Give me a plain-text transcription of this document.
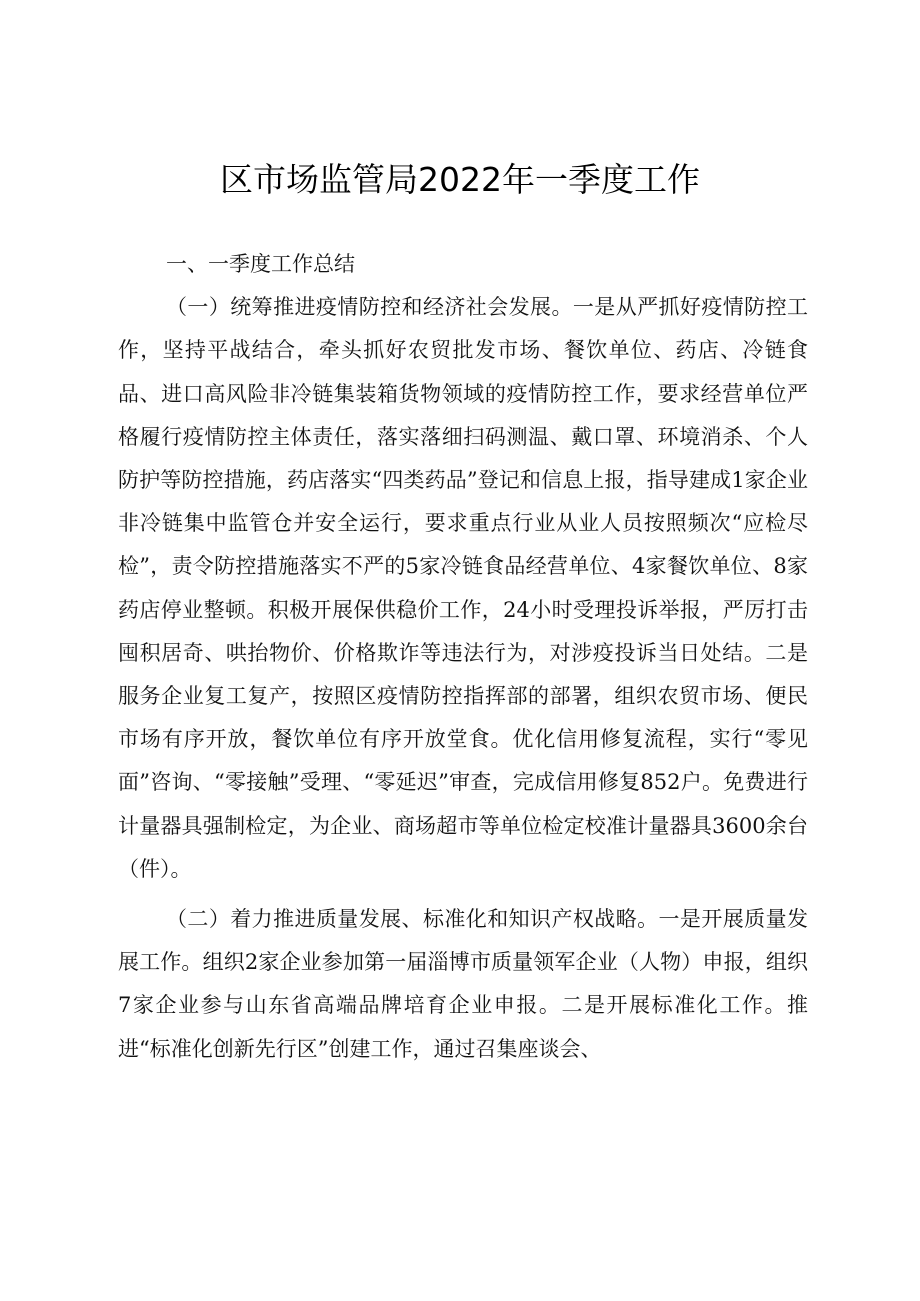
区市场监管局2022年一季度工作
一、一季度工作总结

（一）统筹推进疫情防控和经济社会发展。一是从严抓好疫情防控工作，坚持平战结合，牵头抓好农贸批发市场、餐饮单位、药店、冷链食品、进口高风险非冷链集装箱货物领域的疫情防控工作，要求经营单位严格履行疫情防控主体责任，落实落细扫码测温、戴口罩、环境消杀、个人防护等防控措施，药店落实“四类药品”登记和信息上报，指导建成1家企业非冷链集中监管仓并安全运行，要求重点行业从业人员按照频次“应检尽检”，责令防控措施落实不严的5家冷链食品经营单位、4家餐饮单位、8家药店停业整顿。积极开展保供稳价工作，24小时受理投诉举报，严厉打击囤积居奇、哄抬物价、价格欺诈等违法行为，对涉疫投诉当日处结。二是服务企业复工复产，按照区疫情防控指挥部的部署，组织农贸市场、便民市场有序开放，餐饮单位有序开放堂食。优化信用修复流程，实行“零见面”咨询、“零接触”受理、“零延迟”审查，完成信用修复852户。免费进行计量器具强制检定，为企业、商场超市等单位检定校准计量器具3600余台（件）。

（二）着力推进质量发展、标准化和知识产权战略。一是开展质量发展工作。组织2家企业参加第一届淄博市质量领军企业（人物）申报，组织7家企业参与山东省高端品牌培育企业申报。二是开展标准化工作。推进“标准化创新先行区”创建工作，通过召集座谈会、
